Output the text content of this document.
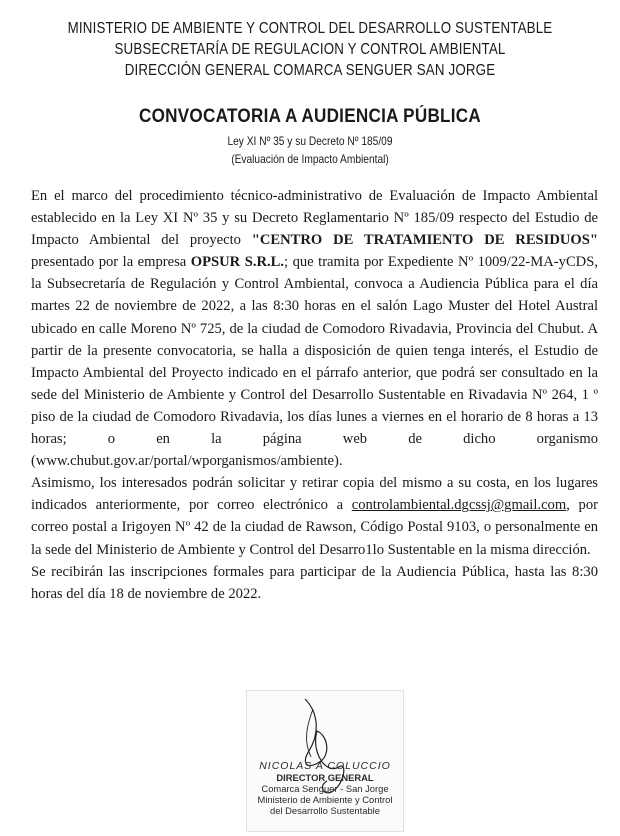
MINISTERIO DE AMBIENTE Y CONTROL DEL DESARROLLO SUSTENTABLE
SUBSECRETARÍA DE REGULACION Y CONTROL AMBIENTAL
DIRECCIÓN GENERAL COMARCA SENGUER SAN JORGE
CONVOCATORIA A AUDIENCIA PÚBLICA
Ley XI Nº 35 y su Decreto Nº 185/09
(Evaluación de Impacto Ambiental)

En el marco del procedimiento técnico-administrativo de Evaluación de Impacto Ambiental establecido en la Ley XI Nº 35 y su Decreto Reglamentario Nº 185/09 respecto del Estudio de Impacto Ambiental del proyecto "CENTRO DE TRATAMIENTO DE RESIDUOS" presentado por la empresa OPSUR S.R.L.; que tramita por Expediente Nº 1009/22-MA-yCDS, la Subsecretaría de Regulación y Control Ambiental, convoca a Audiencia Pública para el día martes 22 de noviembre de 2022, a las 8:30 horas en el salón Lago Muster del Hotel Austral ubicado en calle Moreno Nº 725, de la ciudad de Comodoro Rivadavia, Provincia del Chubut. A partir de la presente convocatoria, se halla a disposición de quien tenga interés, el Estudio de Impacto Ambiental del Proyecto indicado en el párrafo anterior, que podrá ser consultado en la sede del Ministerio de Ambiente y Control del Desarrollo Sustentable en Rivadavia Nº 264, 1 º piso de la ciudad de Comodoro Rivadavia, los días lunes a viernes en el horario de 8 horas a 13 horas; o en la página web de dicho organismo (www.chubut.gov.ar/portal/wporganismos/ambiente).

Asimismo, los interesados podrán solicitar y retirar copia del mismo a su costa, en los lugares indicados anteriormente, por correo electrónico a controlambiental.dgcssj@gmail.com, por correo postal a Irigoyen Nº 42 de la ciudad de Rawson, Código Postal 9103, o personalmente en la sede del Ministerio de Ambiente y Control del Desarro1lo Sustentable en la misma dirección.

Se recibirán las inscripciones formales para participar de la Audiencia Pública, hasta las 8:30 horas del día 18 de noviembre de 2022.

NICOLAS A COLUCCIO
DIRECTOR GENERAL
Comarca Senguer - San Jorge
Ministerio de Ambiente y Control
del Desarrollo Sustentable
